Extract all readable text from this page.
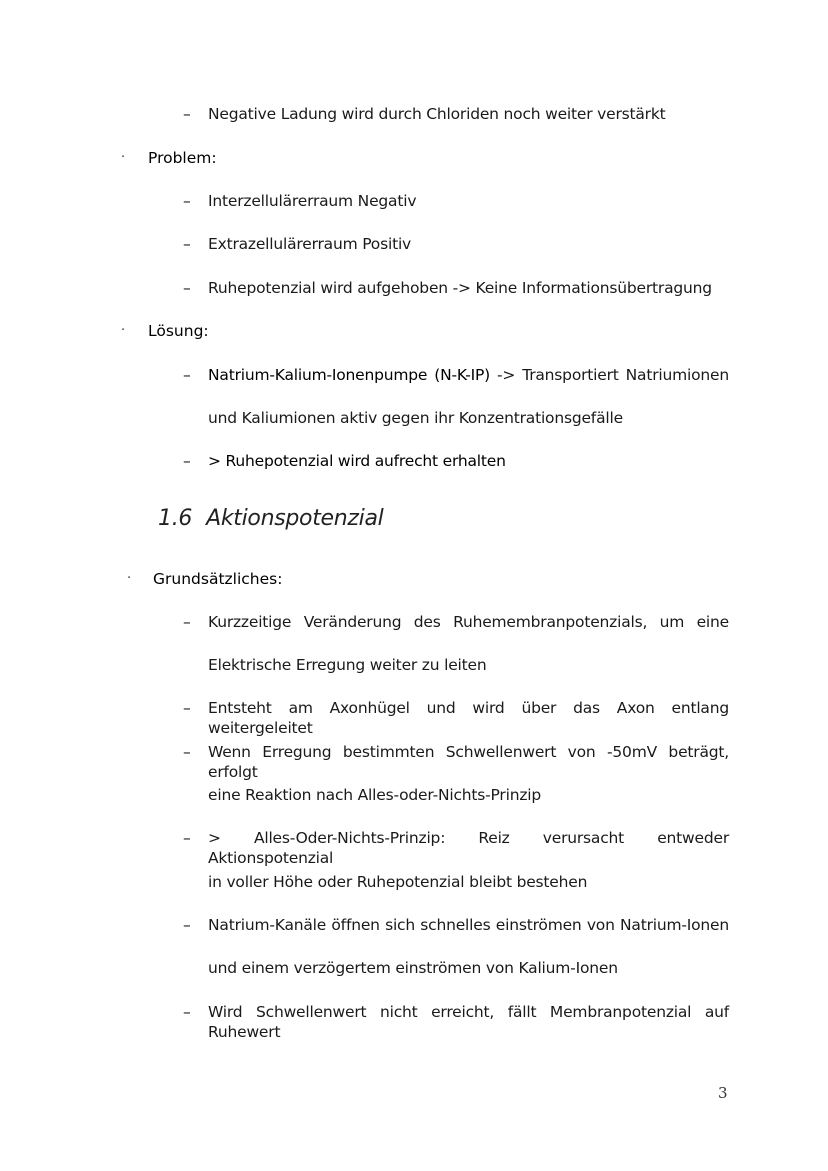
–	Negative Ladung wird durch Chloriden noch weiter verstärkt
· Problem:
–	Interzellulärerraum Negativ
–	Extrazellulärerraum Positiv
–	Ruhepotenzial wird aufgehoben -> Keine Informationsübertragung
· Lösung:
–	Natrium-Kalium-Ionenpumpe (N-K-IP) -> Transportiert Natriumionen
und Kaliumionen aktiv gegen ihr Konzentrationsgefälle
–	> Ruhepotenzial wird aufrecht erhalten
1.6 Aktionspotenzial
· Grundsätzliches:
–	Kurzzeitige Veränderung des Ruhemembranpotenzials, um eine
Elektrische Erregung weiter zu leiten
–	Entsteht am Axonhügel und wird über das Axon entlang weitergeleitet
–	Wenn Erregung bestimmten Schwellenwert von -50mV beträgt, erfolgt
eine Reaktion nach Alles-oder-Nichts-Prinzip
–	> Alles-Oder-Nichts-Prinzip: Reiz verursacht entweder Aktionspotenzial
in voller Höhe oder Ruhepotenzial bleibt bestehen
–	Natrium-Kanäle öffnen sich schnelles einströmen von Natrium-Ionen
und einem verzögertem einströmen von Kalium-Ionen
–	Wird Schwellenwert nicht erreicht, fällt Membranpotenzial auf Ruhewert
3
